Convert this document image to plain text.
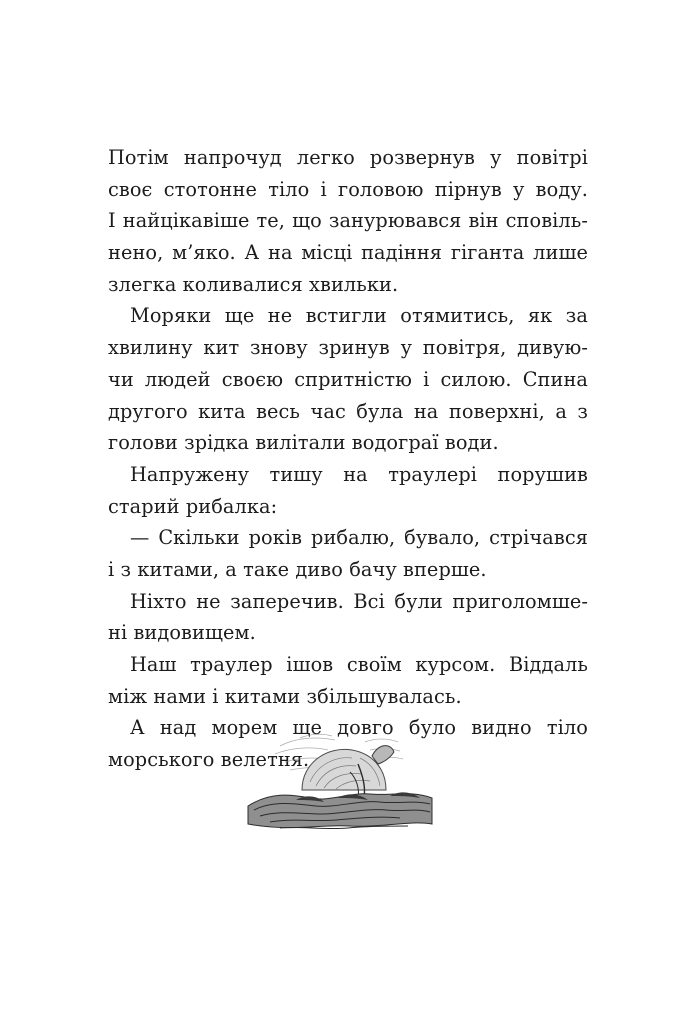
Потім напрочуд легко розвернув у повітрі
своє стотонне тіло і головою пірнув у воду.
І найцікавіше те, що занурювався він сповіль-
нено, м’яко. А на місці падіння гіганта лише
злегка коливалися хвильки.
Моряки ще не встигли отямитись, як за
хвилину кит знову зринув у повітря, дивую-
чи людей своєю спритністю і силою. Спина
другого кита весь час була на поверхні, а з
голови зрідка вилітали водограї води.
Напружену тишу на траулері порушив
старий рибалка:
— Скільки років рибалю, бувало, стрічався
і з китами, а таке диво бачу вперше.
Ніхто не заперечив. Всі були приголомше-
ні видовищем.
Наш траулер ішов своїм курсом. Віддаль
між нами і китами збільшувалась.
А над морем ще довго було видно тіло
морського велетня.
